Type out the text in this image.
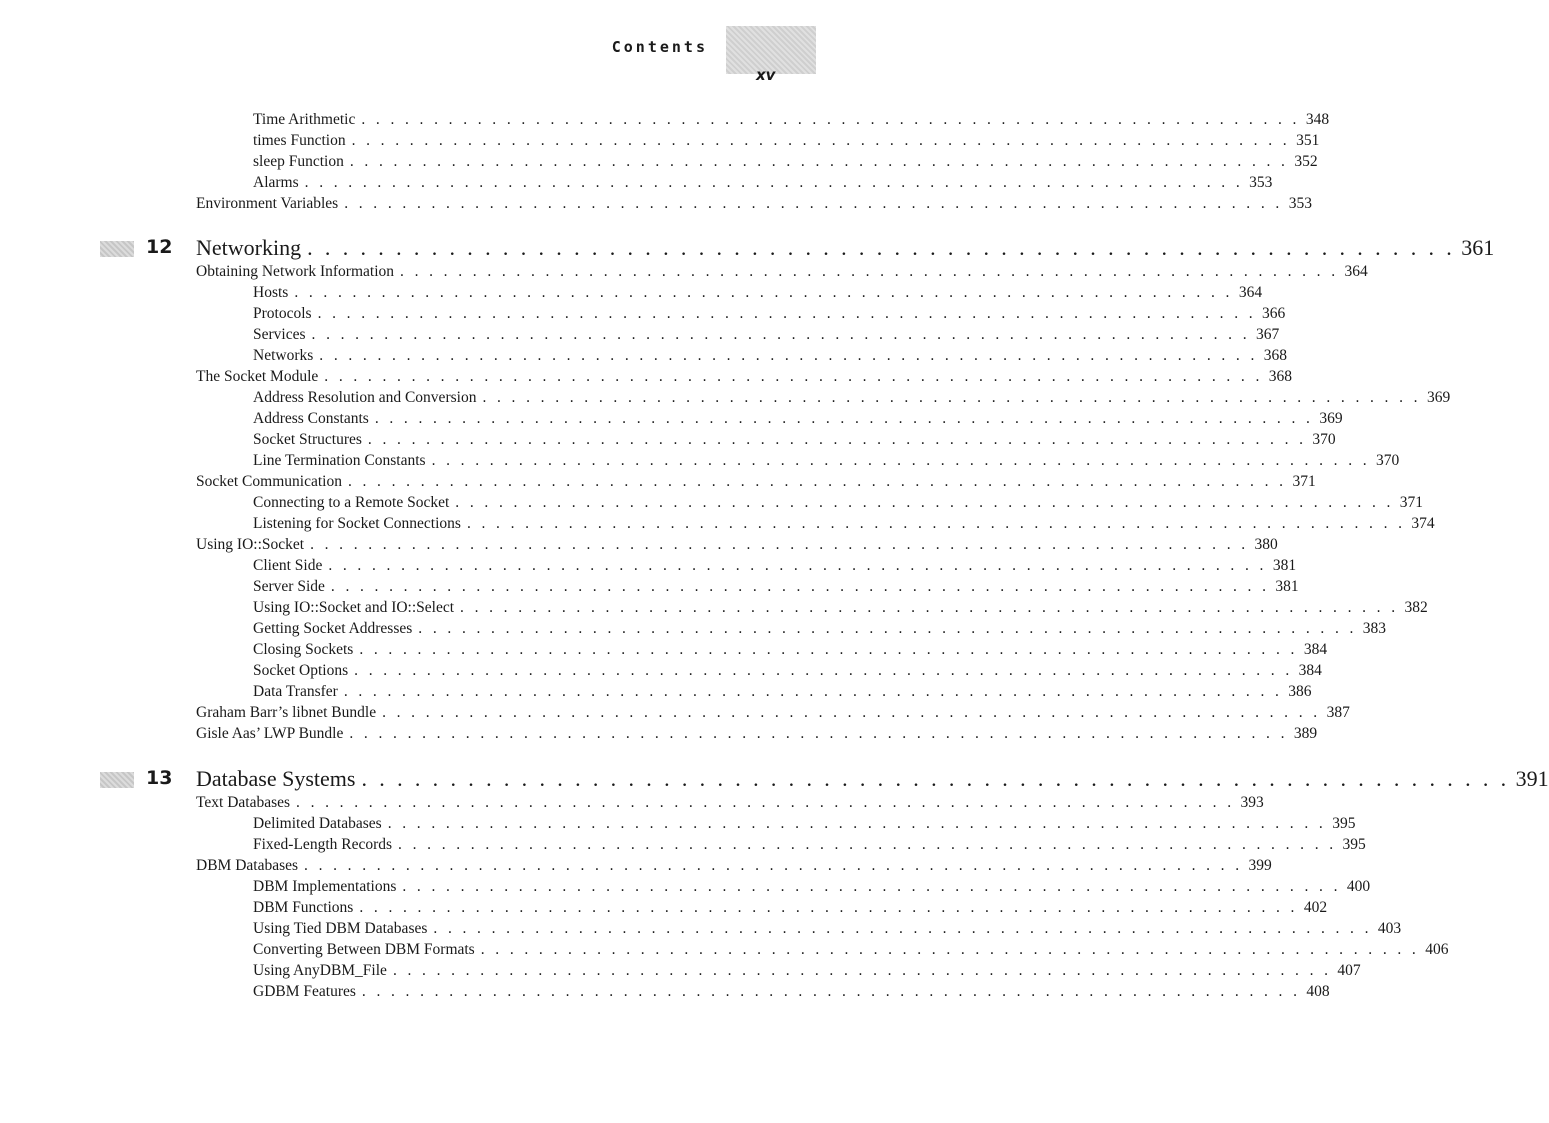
Contents
xv
Time Arithmetic . . . . . . . . . . . . . . . . . . . . . . . . . . . . . . . . . . . . . . . . . . . . . . . . . . . . . . . . . . . . . . . . . 348
times Function . . . . . . . . . . . . . . . . . . . . . . . . . . . . . . . . . . . . . . . . . . . . . . . . . . . . . . . . . . . . . . . . . 351
sleep Function . . . . . . . . . . . . . . . . . . . . . . . . . . . . . . . . . . . . . . . . . . . . . . . . . . . . . . . . . . . . . . . . . 352
Alarms . . . . . . . . . . . . . . . . . . . . . . . . . . . . . . . . . . . . . . . . . . . . . . . . . . . . . . . . . . . . . . . . . 353
Environment Variables . . . . . . . . . . . . . . . . . . . . . . . . . . . . . . . . . . . . . . . . . . . . . . . . . . . . . . . . . . . . . . . . . 353
12 Networking . . . . . . . . . . . . . . . . . . . . . . . . . . . . . . . . . . . . . . . . . . . . . . . . . . . . . . . . . . . . . . . . . 361
Obtaining Network Information . . . . . . . . . . . . . . . . . . . . . . . . . . . . . . . . . . . . . . . . . . . . . . . . . . . . . . . . . . . . . . . . . 364
Hosts . . . . . . . . . . . . . . . . . . . . . . . . . . . . . . . . . . . . . . . . . . . . . . . . . . . . . . . . . . . . . . . . . 364
Protocols . . . . . . . . . . . . . . . . . . . . . . . . . . . . . . . . . . . . . . . . . . . . . . . . . . . . . . . . . . . . . . . . . 366
Services . . . . . . . . . . . . . . . . . . . . . . . . . . . . . . . . . . . . . . . . . . . . . . . . . . . . . . . . . . . . . . . . . 367
Networks . . . . . . . . . . . . . . . . . . . . . . . . . . . . . . . . . . . . . . . . . . . . . . . . . . . . . . . . . . . . . . . . . 368
The Socket Module . . . . . . . . . . . . . . . . . . . . . . . . . . . . . . . . . . . . . . . . . . . . . . . . . . . . . . . . . . . . . . . . . 368
Address Resolution and Conversion . . . . . . . . . . . . . . . . . . . . . . . . . . . . . . . . . . . . . . . . . . . . . . . . . . . . . . . . . . . . . . . . . 369
Address Constants . . . . . . . . . . . . . . . . . . . . . . . . . . . . . . . . . . . . . . . . . . . . . . . . . . . . . . . . . . . . . . . . . 369
Socket Structures . . . . . . . . . . . . . . . . . . . . . . . . . . . . . . . . . . . . . . . . . . . . . . . . . . . . . . . . . . . . . . . . . 370
Line Termination Constants . . . . . . . . . . . . . . . . . . . . . . . . . . . . . . . . . . . . . . . . . . . . . . . . . . . . . . . . . . . . . . . . . 370
Socket Communication . . . . . . . . . . . . . . . . . . . . . . . . . . . . . . . . . . . . . . . . . . . . . . . . . . . . . . . . . . . . . . . . . 371
Connecting to a Remote Socket . . . . . . . . . . . . . . . . . . . . . . . . . . . . . . . . . . . . . . . . . . . . . . . . . . . . . . . . . . . . . . . . . 371
Listening for Socket Connections . . . . . . . . . . . . . . . . . . . . . . . . . . . . . . . . . . . . . . . . . . . . . . . . . . . . . . . . . . . . . . . . . 374
Using IO::Socket . . . . . . . . . . . . . . . . . . . . . . . . . . . . . . . . . . . . . . . . . . . . . . . . . . . . . . . . . . . . . . . . . 380
Client Side . . . . . . . . . . . . . . . . . . . . . . . . . . . . . . . . . . . . . . . . . . . . . . . . . . . . . . . . . . . . . . . . . 381
Server Side . . . . . . . . . . . . . . . . . . . . . . . . . . . . . . . . . . . . . . . . . . . . . . . . . . . . . . . . . . . . . . . . . 381
Using IO::Socket and IO::Select . . . . . . . . . . . . . . . . . . . . . . . . . . . . . . . . . . . . . . . . . . . . . . . . . . . . . . . . . . . . . . . . . 382
Getting Socket Addresses . . . . . . . . . . . . . . . . . . . . . . . . . . . . . . . . . . . . . . . . . . . . . . . . . . . . . . . . . . . . . . . . . 383
Closing Sockets . . . . . . . . . . . . . . . . . . . . . . . . . . . . . . . . . . . . . . . . . . . . . . . . . . . . . . . . . . . . . . . . . 384
Socket Options . . . . . . . . . . . . . . . . . . . . . . . . . . . . . . . . . . . . . . . . . . . . . . . . . . . . . . . . . . . . . . . . . 384
Data Transfer . . . . . . . . . . . . . . . . . . . . . . . . . . . . . . . . . . . . . . . . . . . . . . . . . . . . . . . . . . . . . . . . . 386
Graham Barr’s libnet Bundle . . . . . . . . . . . . . . . . . . . . . . . . . . . . . . . . . . . . . . . . . . . . . . . . . . . . . . . . . . . . . . . . . 387
Gisle Aas’ LWP Bundle . . . . . . . . . . . . . . . . . . . . . . . . . . . . . . . . . . . . . . . . . . . . . . . . . . . . . . . . . . . . . . . . . 389
13 Database Systems . . . . . . . . . . . . . . . . . . . . . . . . . . . . . . . . . . . . . . . . . . . . . . . . . . . . . . . . . . . . . . . . . 391
Text Databases . . . . . . . . . . . . . . . . . . . . . . . . . . . . . . . . . . . . . . . . . . . . . . . . . . . . . . . . . . . . . . . . . 393
Delimited Databases . . . . . . . . . . . . . . . . . . . . . . . . . . . . . . . . . . . . . . . . . . . . . . . . . . . . . . . . . . . . . . . . . 395
Fixed-Length Records . . . . . . . . . . . . . . . . . . . . . . . . . . . . . . . . . . . . . . . . . . . . . . . . . . . . . . . . . . . . . . . . . 395
DBM Databases . . . . . . . . . . . . . . . . . . . . . . . . . . . . . . . . . . . . . . . . . . . . . . . . . . . . . . . . . . . . . . . . . 399
DBM Implementations . . . . . . . . . . . . . . . . . . . . . . . . . . . . . . . . . . . . . . . . . . . . . . . . . . . . . . . . . . . . . . . . . 400
DBM Functions . . . . . . . . . . . . . . . . . . . . . . . . . . . . . . . . . . . . . . . . . . . . . . . . . . . . . . . . . . . . . . . . . 402
Using Tied DBM Databases . . . . . . . . . . . . . . . . . . . . . . . . . . . . . . . . . . . . . . . . . . . . . . . . . . . . . . . . . . . . . . . . . 403
Converting Between DBM Formats . . . . . . . . . . . . . . . . . . . . . . . . . . . . . . . . . . . . . . . . . . . . . . . . . . . . . . . . . . . . . . . . . 406
Using AnyDBM_File . . . . . . . . . . . . . . . . . . . . . . . . . . . . . . . . . . . . . . . . . . . . . . . . . . . . . . . . . . . . . . . . . 407
GDBM Features . . . . . . . . . . . . . . . . . . . . . . . . . . . . . . . . . . . . . . . . . . . . . . . . . . . . . . . . . . . . . . . . . 408
